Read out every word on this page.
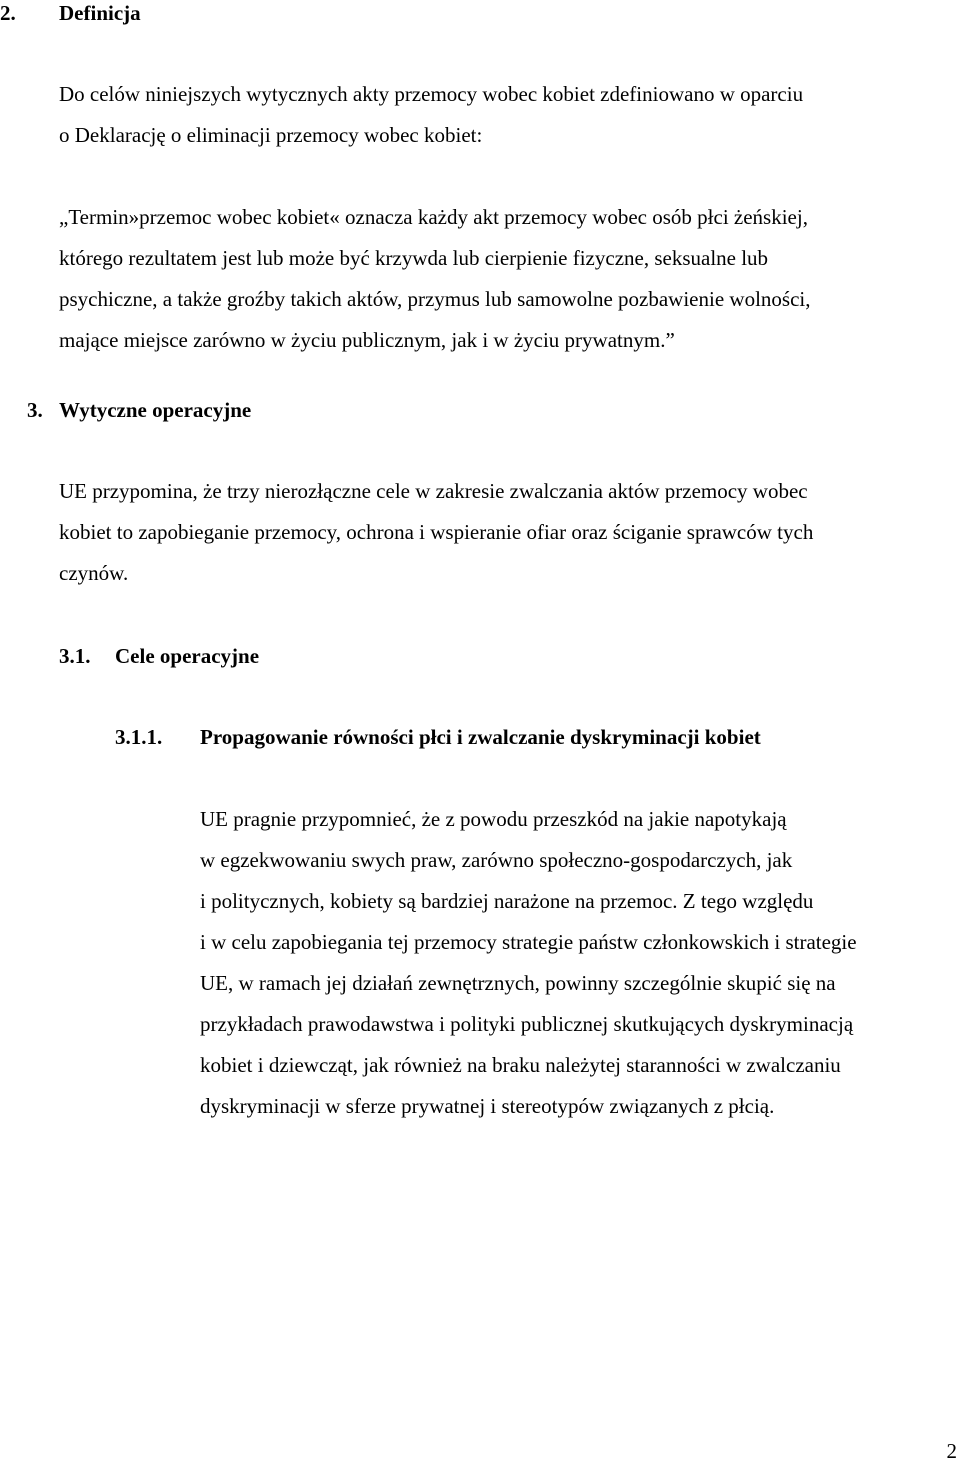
2. Definicja
Do celów niniejszych wytycznych akty przemocy wobec kobiet zdefiniowano w oparciu
o Deklarację o eliminacji przemocy wobec kobiet:
„Termin»przemoc wobec kobiet« oznacza każdy akt przemocy wobec osób płci żeńskiej,
którego rezultatem jest lub może być krzywda lub cierpienie fizyczne, seksualne lub
psychiczne, a także groźby takich aktów, przymus lub samowolne pozbawienie wolności,
mające miejsce zarówno w życiu publicznym, jak i w życiu prywatnym.”
3. Wytyczne operacyjne
UE przypomina, że trzy nierozłączne cele w zakresie zwalczania aktów przemocy wobec
kobiet to zapobieganie przemocy, ochrona i wspieranie ofiar oraz ściganie sprawców tych
czynów.
3.1. Cele operacyjne
3.1.1. Propagowanie równości płci i zwalczanie dyskryminacji kobiet
UE pragnie przypomnieć, że z powodu przeszkód na jakie napotykają
w egzekwowaniu swych praw, zarówno społeczno-gospodarczych, jak
i politycznych, kobiety są bardziej narażone na przemoc. Z tego względu
i w celu zapobiegania tej przemocy strategie państw członkowskich i strategie
UE, w ramach jej działań zewnętrznych, powinny szczególnie skupić się na
przykładach prawodawstwa i polityki publicznej skutkujących dyskryminacją
kobiet i dziewcząt, jak również na braku należytej staranności w zwalczaniu
dyskryminacji w sferze prywatnej i stereotypów związanych z płcią.
2
